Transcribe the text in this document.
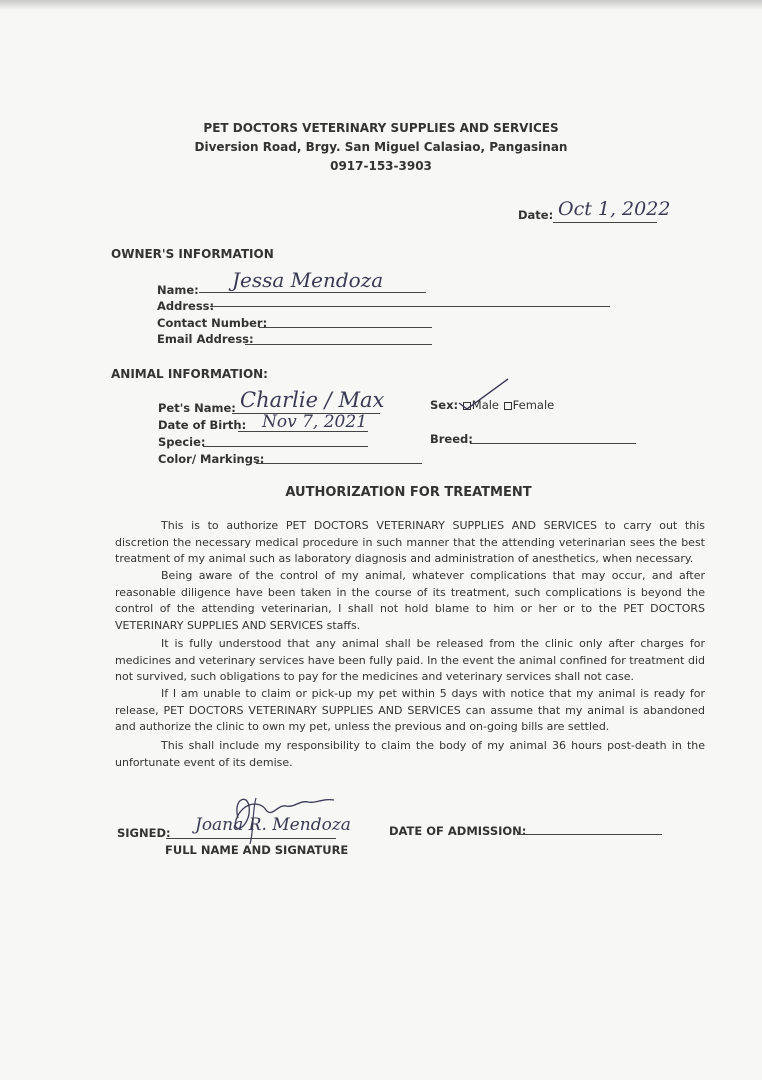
PET DOCTORS VETERINARY SUPPLIES AND SERVICES
Diversion Road, Brgy. San Miguel Calasiao, Pangasinan
0917-153-3903
Date: Oct 1, 2022
OWNER'S INFORMATION
Name: Jessa Mendoza
Address:
Contact Number:
Email Address:
ANIMAL INFORMATION:
Pet's Name: Charlie / Max
Date of Birth: Nov 7, 2021
Specie:
Color/ Markings:
Sex: Male Female
Breed:
AUTHORIZATION FOR TREATMENT

This is to authorize PET DOCTORS VETERINARY SUPPLIES AND SERVICES to carry out this discretion the necessary medical procedure in such manner that the attending veterinarian sees the best treatment of my animal such as laboratory diagnosis and administration of anesthetics, when necessary.

Being aware of the control of my animal, whatever complications that may occur, and after reasonable diligence have been taken in the course of its treatment, such complications is beyond the control of the attending veterinarian, I shall not hold blame to him or her or to the PET DOCTORS VETERINARY SUPPLIES AND SERVICES staffs.

It is fully understood that any animal shall be released from the clinic only after charges for medicines and veterinary services have been fully paid. In the event the animal confined for treatment did not survived, such obligations to pay for the medicines and veterinary services shall not case.

If I am unable to claim or pick-up my pet within 5 days with notice that my animal is ready for release, PET DOCTORS VETERINARY SUPPLIES AND SERVICES can assume that my animal is abandoned and authorize the clinic to own my pet, unless the previous and on-going bills are settled.

This shall include my responsibility to claim the body of my animal 36 hours post-death in the unfortunate event of its demise.

SIGNED: Joana R. Mendoza
FULL NAME AND SIGNATURE
DATE OF ADMISSION:
